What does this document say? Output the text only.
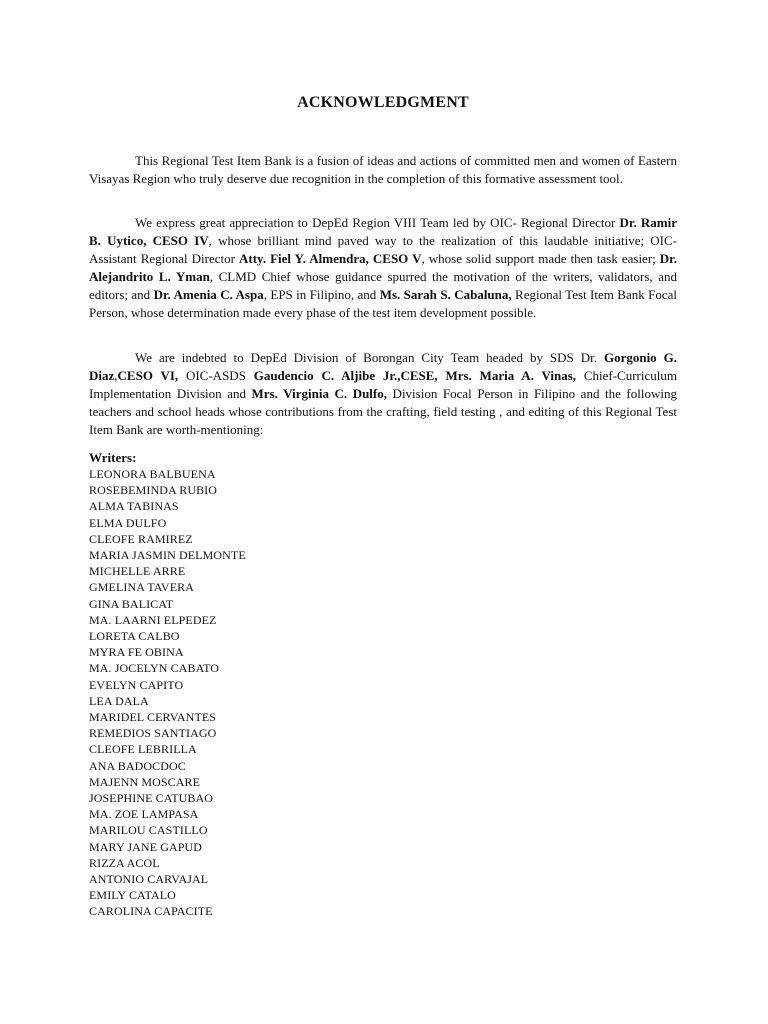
ACKNOWLEDGMENT

This Regional Test Item Bank is a fusion of ideas and actions of committed men and women of Eastern Visayas Region who truly deserve due recognition in the completion of this formative assessment tool.

We express great appreciation to DepEd Region VIII Team led by OIC- Regional Director Dr. Ramir B. Uytico, CESO IV, whose brilliant mind paved way to the realization of this laudable initiative; OIC-Assistant Regional Director Atty. Fiel Y. Almendra, CESO V, whose solid support made then task easier; Dr. Alejandrito L. Yman, CLMD Chief whose guidance spurred the motivation of the writers, validators, and editors; and Dr. Amenia C. Aspa, EPS in Filipino, and Ms. Sarah S. Cabaluna, Regional Test Item Bank Focal Person, whose determination made every phase of the test item development possible.

We are indebted to DepEd Division of Borongan City Team headed by SDS Dr. Gorgonio G. Diaz,CESO VI, OIC-ASDS Gaudencio C. Aljibe Jr.,CESE, Mrs. Maria A. Vinas, Chief-Curriculum Implementation Division and Mrs. Virginia C. Dulfo, Division Focal Person in Filipino and the following teachers and school heads whose contributions from the crafting, field testing , and editing of this Regional Test Item Bank are worth-mentioning:

Writers:

LEONORA BALBUENA
ROSEBEMINDA RUBIO
ALMA TABINAS
ELMA DULFO
CLEOFE RAMIREZ
MARIA JASMIN DELMONTE
MICHELLE ARRE
GMELINA TAVERA
GINA BALICAT
MA. LAARNI ELPEDEZ
LORETA CALBO
MYRA FE OBINA
MA. JOCELYN CABATO
EVELYN CAPITO
LEA DALA
MARIDEL CERVANTES
REMEDIOS SANTIAGO
CLEOFE LEBRILLA
ANA BADOCDOC
MAJENN MOSCARE
JOSEPHINE CATUBAO
MA. ZOE LAMPASA
MARILOU CASTILLO
MARY JANE GAPUD
RIZZA ACOL
ANTONIO CARVAJAL
EMILY CATALO
CAROLINA CAPACITE
